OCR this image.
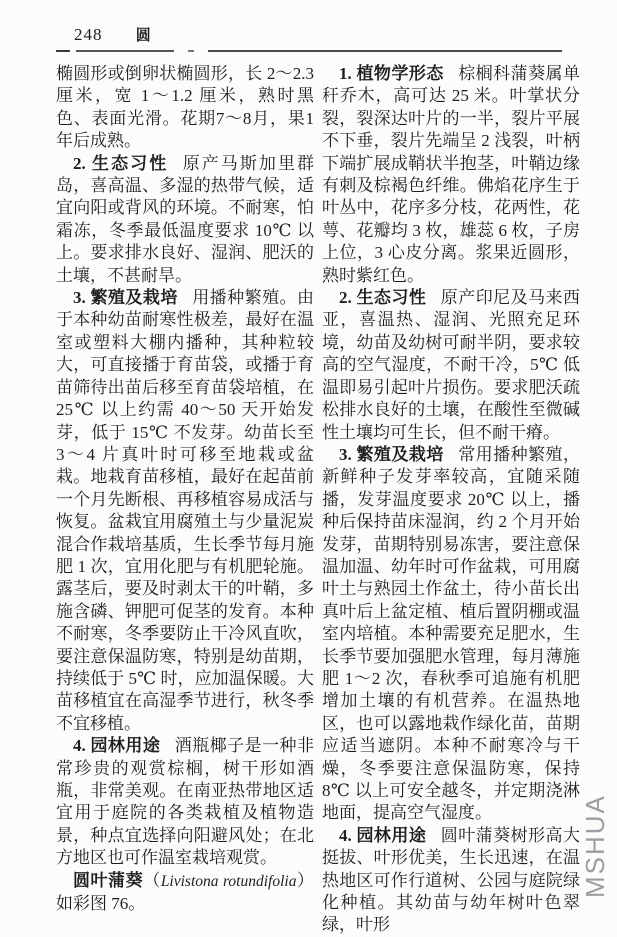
248 圆

椭圆形或倒卵状椭圆形，长 2～2.3 厘米，宽 1～1.2 厘米，熟时黑色、表面光滑。花期7～8月，果1年后成熟。

2. 生态习性 原产马斯加里群岛，喜高温、多湿的热带气候，适宜向阳或背风的环境。不耐寒，怕霜冻，冬季最低温度要求 10℃ 以上。要求排水良好、湿润、肥沃的土壤，不甚耐旱。

3. 繁殖及栽培 用播种繁殖。由于本种幼苗耐寒性极差，最好在温室或塑料大棚内播种，其种粒较大，可直接播于育苗袋，或播于育苗筛待出苗后移至育苗袋培植，在 25℃ 以上约需 40～50 天开始发芽，低于 15℃ 不发芽。幼苗长至 3～4 片真叶时可移至地栽或盆栽。地栽育苗移植，最好在起苗前一个月先断根、再移植容易成活与恢复。盆栽宜用腐殖土与少量泥炭混合作栽培基质，生长季节每月施肥 1 次，宜用化肥与有机肥轮施。露茎后，要及时剥太干的叶鞘，多施含磷、钾肥可促茎的发育。本种不耐寒，冬季要防止干冷风直吹，要注意保温防寒，特别是幼苗期，持续低于 5℃ 时，应加温保暖。大苗移植宜在高湿季节进行，秋冬季不宜移植。

4. 园林用途 酒瓶椰子是一种非常珍贵的观赏棕榈，树干形如酒瓶，非常美观。在南亚热带地区适宜用于庭院的各类栽植及植物造景，种点宜选择向阳避风处；在北方地区也可作温室栽培观赏。

圆叶蒲葵（Livistona rotundifolia）如彩图 76。

1. 植物学形态 棕榈科蒲葵属单秆乔木，高可达 25 米。叶掌状分裂，裂深达叶片的一半，裂片平展不下垂，裂片先端呈 2 浅裂，叶柄下端扩展成鞘状半抱茎，叶鞘边缘有刺及棕褐色纤维。佛焰花序生于叶丛中，花序多分枝，花两性，花萼、花瓣均 3 枚，雄蕊 6 枚，子房上位，3 心皮分离。浆果近圆形，熟时紫红色。

2. 生态习性 原产印尼及马来西亚，喜温热、湿润、光照充足环境，幼苗及幼树可耐半阴，要求较高的空气湿度，不耐干冷，5℃ 低温即易引起叶片损伤。要求肥沃疏松排水良好的土壤，在酸性至微碱性土壤均可生长，但不耐干瘠。

3. 繁殖及栽培 常用播种繁殖，新鲜种子发芽率较高，宜随采随播，发芽温度要求 20℃ 以上，播种后保持苗床湿润，约 2 个月开始发芽，苗期特别易冻害，要注意保温加温、幼年时可作盆栽，可用腐叶土与熟园土作盆土，待小苗长出真叶后上盆定植、植后置阴棚或温室内培植。本种需要充足肥水，生长季节要加强肥水管理，每月薄施肥 1～2 次，春秋季可追施有机肥增加土壤的有机营养。在温热地区，也可以露地栽作绿化苗，苗期应适当遮阴。本种不耐寒冷与干燥，冬季要注意保温防寒，保持 8℃ 以上可安全越冬，并定期浇淋地面，提高空气湿度。

4. 园林用途 圆叶蒲葵树形高大挺拔、叶形优美，生长迅速，在温热地区可作行道树、公园与庭院绿化种植。其幼苗与幼年树叶色翠绿，叶形

MSHUA
